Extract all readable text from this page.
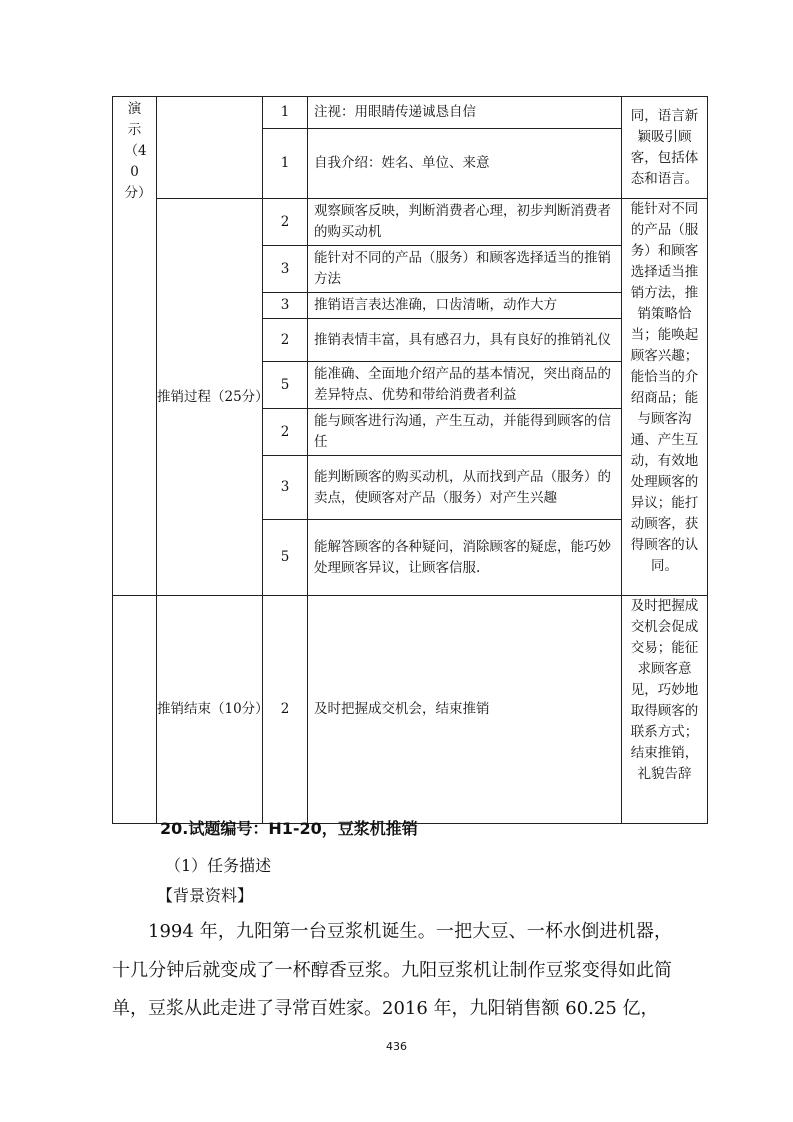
演示（40分）		1	注视：用眼睛传递诚恳自信	同，语言新颖吸引顾客，包括体态和语言。
		1	自我介绍：姓名、单位、来意	
	推销过程（25分）	2	观察顾客反映，判断消费者心理，初步判断消费者的购买动机	能针对不同的产品（服务）和顾客选择适当推销方法，推销策略恰当；能唤起顾客兴趣；能恰当的介绍商品；能与顾客沟通、产生互动，有效地处理顾客的异议；能打动顾客，获得顾客的认同。
		3	能针对不同的产品（服务）和顾客选择适当的推销方法	
		3	推销语言表达准确，口齿清晰，动作大方	
		2	推销表情丰富，具有感召力，具有良好的推销礼仪	
		5	能准确、全面地介绍产品的基本情况，突出商品的差异特点、优势和带给消费者利益	
		2	能与顾客进行沟通，产生互动，并能得到顾客的信任	
		3	能判断顾客的购买动机，从而找到产品（服务）的卖点，使顾客对产品（服务）对产生兴趣	
		5	能解答顾客的各种疑问，消除顾客的疑虑，能巧妙处理顾客异议，让顾客信服.	
	推销结束（10分）	2	及时把握成交机会，结束推销	及时把握成交机会促成交易；能征求顾客意见，巧妙地取得顾客的联系方式；结束推销，礼貌告辞
20.试题编号：H1-20，豆浆机推销
（1）任务描述
【背景资料】
1994 年，九阳第一台豆浆机诞生。一把大豆、一杯水倒进机器，十几分钟后就变成了一杯醇香豆浆。九阳豆浆机让制作豆浆变得如此简单，豆浆从此走进了寻常百姓家。2016 年，九阳销售额 60.25 亿，
436
